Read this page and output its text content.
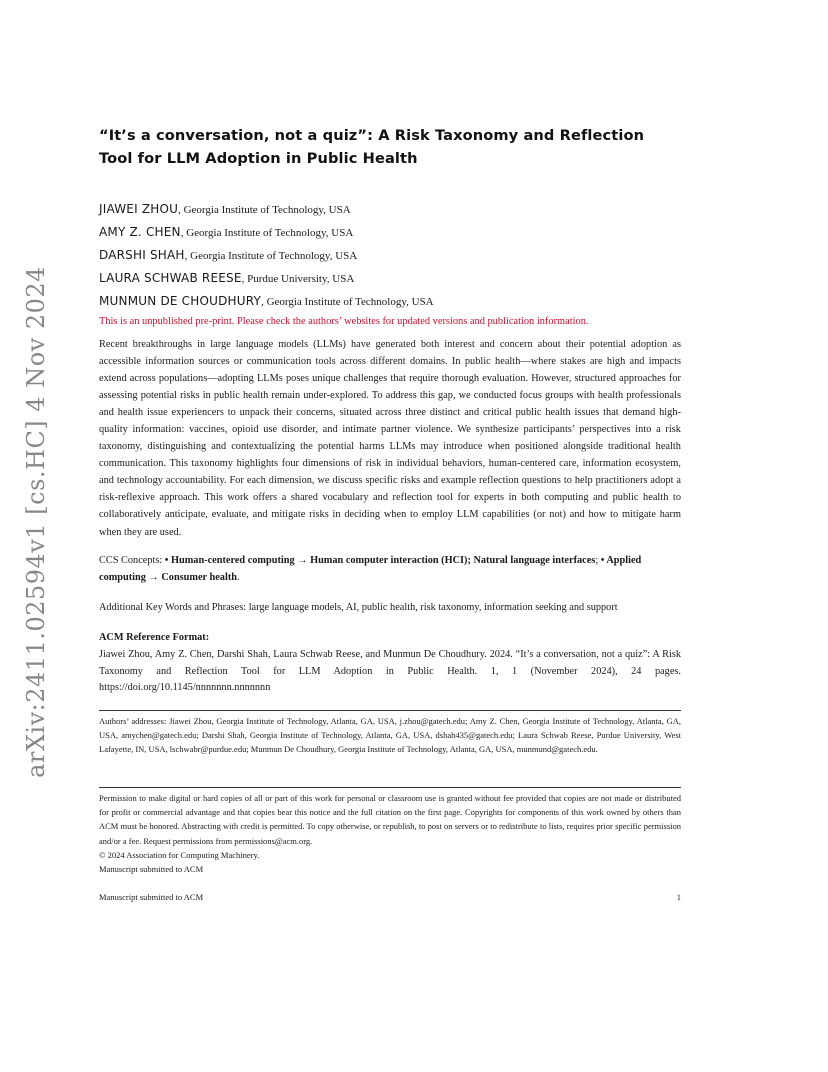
arXiv:2411.02594v1 [cs.HC] 4 Nov 2024
“It’s a conversation, not a quiz”: A Risk Taxonomy and Reflection Tool for LLM Adoption in Public Health
JIAWEI ZHOU, Georgia Institute of Technology, USA
AMY Z. CHEN, Georgia Institute of Technology, USA
DARSHI SHAH, Georgia Institute of Technology, USA
LAURA SCHWAB REESE, Purdue University, USA
MUNMUN DE CHOUDHURY, Georgia Institute of Technology, USA
This is an unpublished pre-print. Please check the authors’ websites for updated versions and publication information.
Recent breakthroughs in large language models (LLMs) have generated both interest and concern about their potential adoption as accessible information sources or communication tools across different domains. In public health—where stakes are high and impacts extend across populations—adopting LLMs poses unique challenges that require thorough evaluation. However, structured approaches for assessing potential risks in public health remain under-explored. To address this gap, we conducted focus groups with health professionals and health issue experiencers to unpack their concerns, situated across three distinct and critical public health issues that demand high-quality information: vaccines, opioid use disorder, and intimate partner violence. We synthesize participants’ perspectives into a risk taxonomy, distinguishing and contextualizing the potential harms LLMs may introduce when positioned alongside traditional health communication. This taxonomy highlights four dimensions of risk in individual behaviors, human-centered care, information ecosystem, and technology accountability. For each dimension, we discuss specific risks and example reflection questions to help practitioners adopt a risk-reflexive approach. This work offers a shared vocabulary and reflection tool for experts in both computing and public health to collaboratively anticipate, evaluate, and mitigate risks in deciding when to employ LLM capabilities (or not) and how to mitigate harm when they are used.
CCS Concepts: • Human-centered computing → Human computer interaction (HCI); Natural language interfaces; • Applied computing → Consumer health.
Additional Key Words and Phrases: large language models, AI, public health, risk taxonomy, information seeking and support
ACM Reference Format:
Jiawei Zhou, Amy Z. Chen, Darshi Shah, Laura Schwab Reese, and Munmun De Choudhury. 2024. “It’s a conversation, not a quiz”: A Risk Taxonomy and Reflection Tool for LLM Adoption in Public Health. 1, 1 (November 2024), 24 pages. https://doi.org/10.1145/nnnnnnn.nnnnnnn
Authors’ addresses: Jiawei Zhou, Georgia Institute of Technology, Atlanta, GA, USA, j.zhou@gatech.edu; Amy Z. Chen, Georgia Institute of Technology, Atlanta, GA, USA, amychen@gatech.edu; Darshi Shah, Georgia Institute of Technology, Atlanta, GA, USA, dshah435@gatech.edu; Laura Schwab Reese, Purdue University, West Lafayette, IN, USA, lschwabr@purdue.edu; Munmun De Choudhury, Georgia Institute of Technology, Atlanta, GA, USA, munmund@gatech.edu.
Permission to make digital or hard copies of all or part of this work for personal or classroom use is granted without fee provided that copies are not made or distributed for profit or commercial advantage and that copies bear this notice and the full citation on the first page. Copyrights for components of this work owned by others than ACM must be honored. Abstracting with credit is permitted. To copy otherwise, or republish, to post on servers or to redistribute to lists, requires prior specific permission and/or a fee. Request permissions from permissions@acm.org.
© 2024 Association for Computing Machinery.
Manuscript submitted to ACM
Manuscript submitted to ACM	1
